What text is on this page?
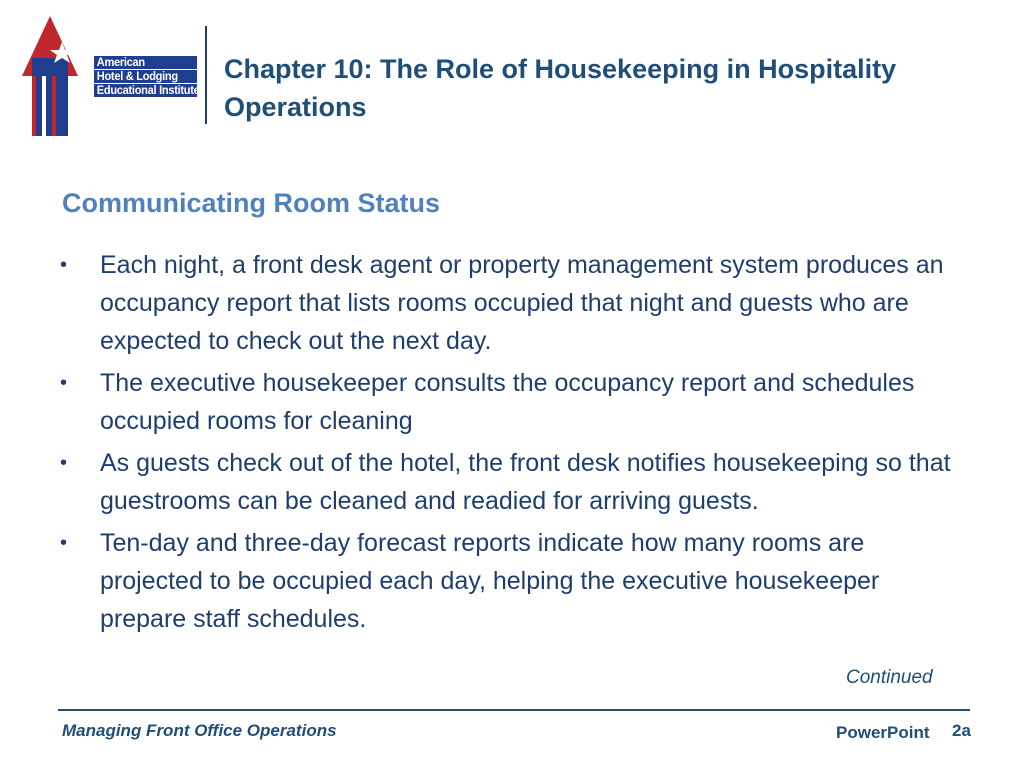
American
Hotel & Lodging
Educational Institute
Chapter 10: The Role of Housekeeping in Hospitality Operations
Communicating Room Status
•	Each night, a front desk agent or property management system produces an occupancy report that lists rooms occupied that night and guests who are expected to check out the next day.
•	The executive housekeeper consults the occupancy report and schedules occupied rooms for cleaning
•	As guests check out of the hotel, the front desk notifies housekeeping so that guestrooms can be cleaned and readied for arriving guests.
•	Ten-day and three-day forecast reports indicate how many rooms are projected to be occupied each day, helping the executive housekeeper prepare staff schedules.
Continued
Managing Front Office Operations	PowerPoint 2a
